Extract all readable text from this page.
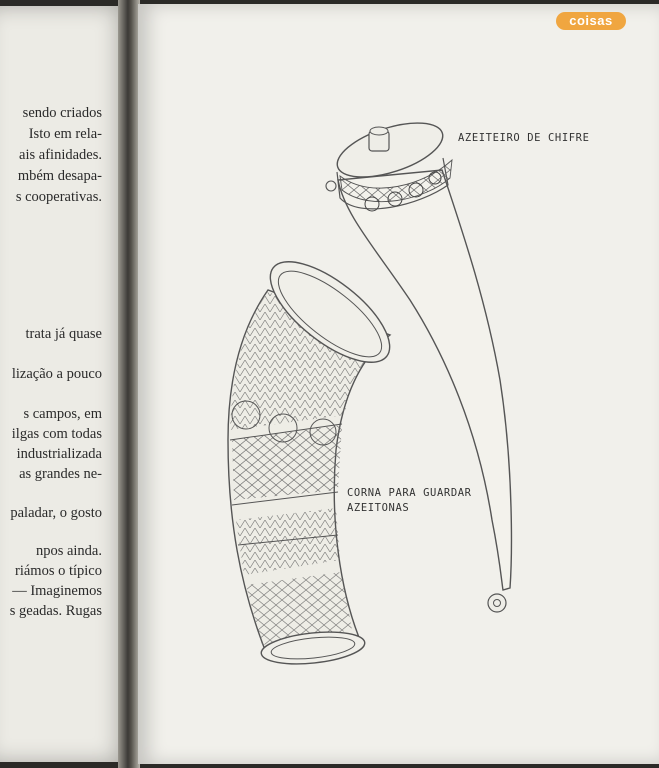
sendo criados
Isto em rela-
ais afinidades.
mbém desapa-
s cooperativas.
trata já quase
lização a pouco
s campos, em
ilgas com todas
industrializada
as grandes ne-
paladar, o gosto
npos ainda.
riámos o típico
— Imaginemos
s geadas. Rugas
AZEITEIRO DE CHIFRE
CORNA PARA GUARDAR
AZEITONAS
coisas
